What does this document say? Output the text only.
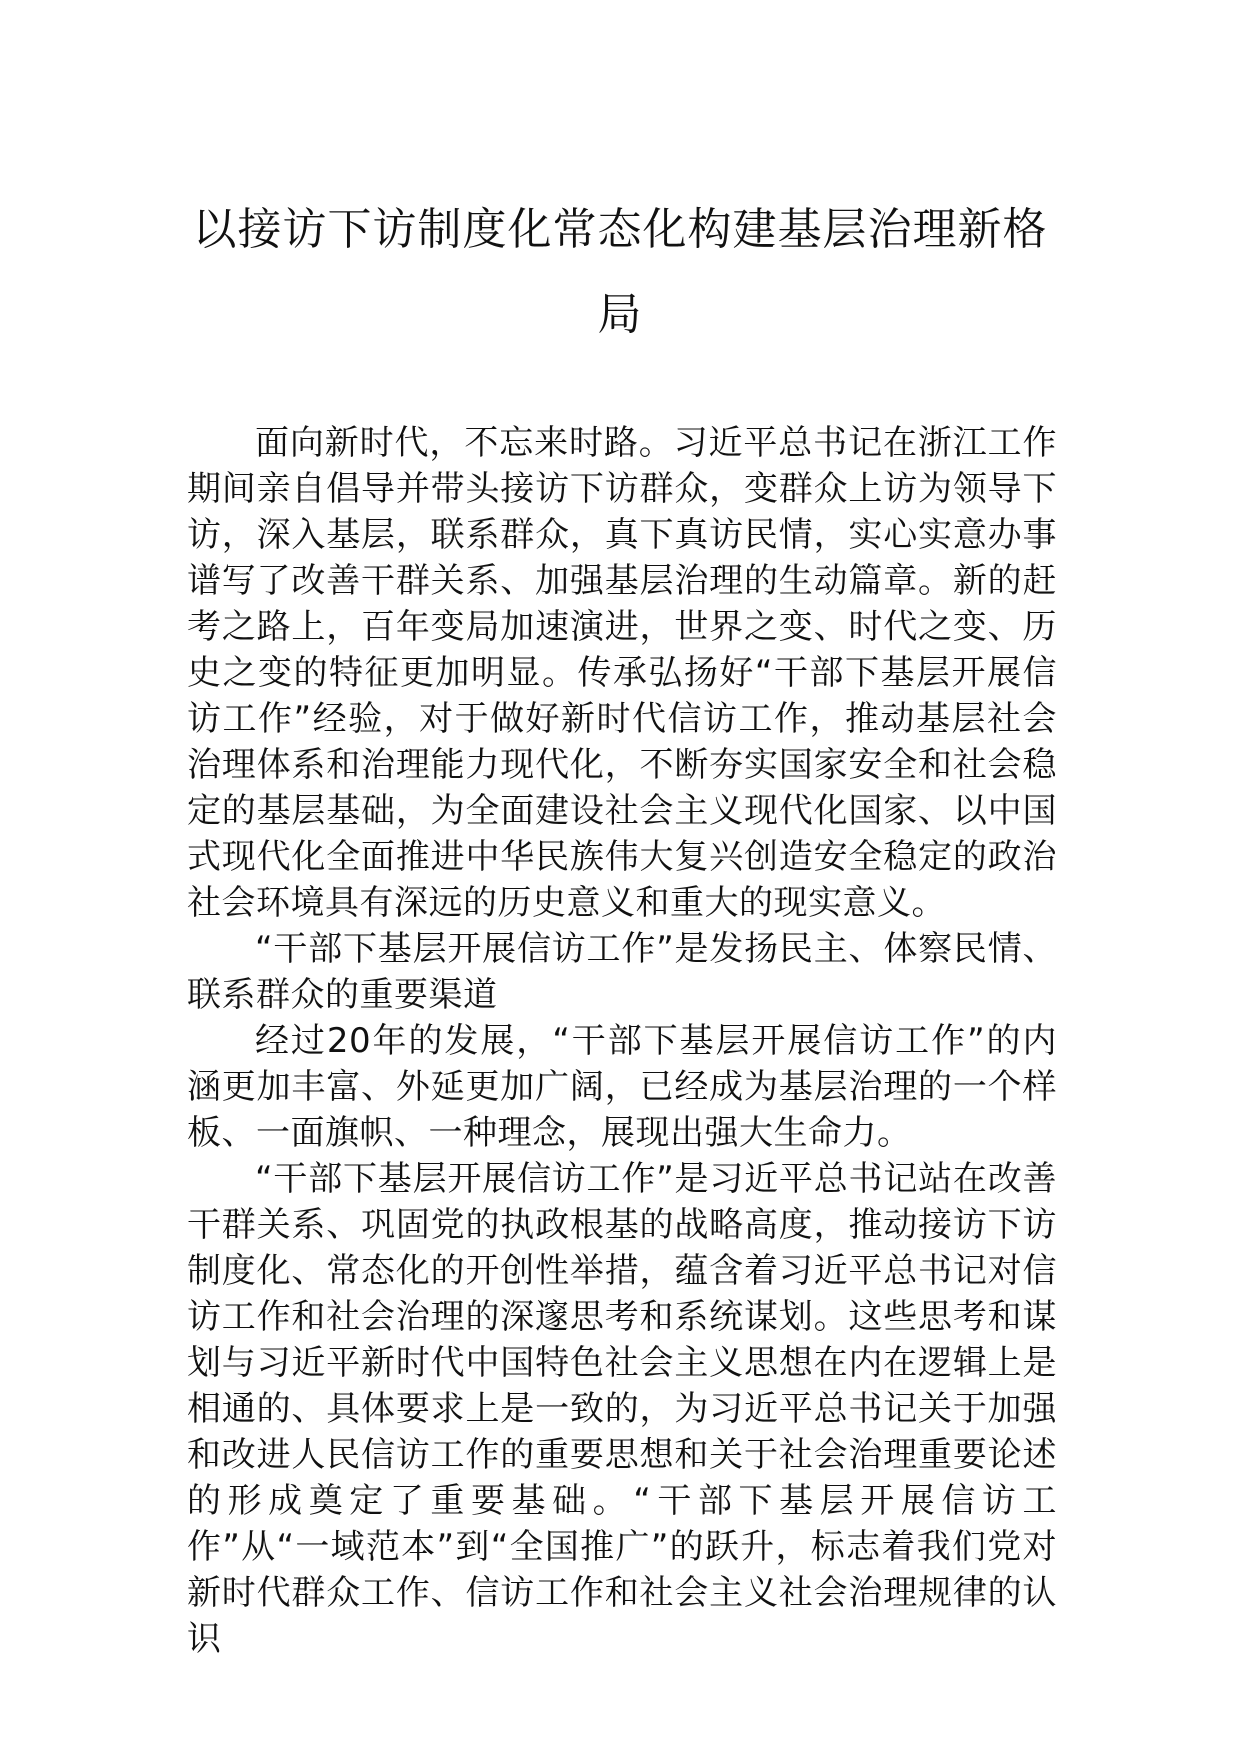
以接访下访制度化常态化构建基层治理新格局

面向新时代，不忘来时路。习近平总书记在浙江工作期间亲自倡导并带头接访下访群众，变群众上访为领导下访，深入基层，联系群众，真下真访民情，实心实意办事谱写了改善干群关系、加强基层治理的生动篇章。新的赶考之路上，百年变局加速演进，世界之变、时代之变、历史之变的特征更加明显。传承弘扬好“干部下基层开展信访工作”经验，对于做好新时代信访工作，推动基层社会治理体系和治理能力现代化，不断夯实国家安全和社会稳定的基层基础，为全面建设社会主义现代化国家、以中国式现代化全面推进中华民族伟大复兴创造安全稳定的政治社会环境具有深远的历史意义和重大的现实意义。

“干部下基层开展信访工作”是发扬民主、体察民情、联系群众的重要渠道

经过20年的发展，“干部下基层开展信访工作”的内涵更加丰富、外延更加广阔，已经成为基层治理的一个样板、一面旗帜、一种理念，展现出强大生命力。

“干部下基层开展信访工作”是习近平总书记站在改善干群关系、巩固党的执政根基的战略高度，推动接访下访制度化、常态化的开创性举措，蕴含着习近平总书记对信访工作和社会治理的深邃思考和系统谋划。这些思考和谋划与习近平新时代中国特色社会主义思想在内在逻辑上是相通的、具体要求上是一致的，为习近平总书记关于加强和改进人民信访工作的重要思想和关于社会治理重要论述的形成奠定了重要基础。“干部下基层开展信访工作”从“一域范本”到“全国推广”的跃升，标志着我们党对新时代群众工作、信访工作和社会主义社会治理规律的认识
